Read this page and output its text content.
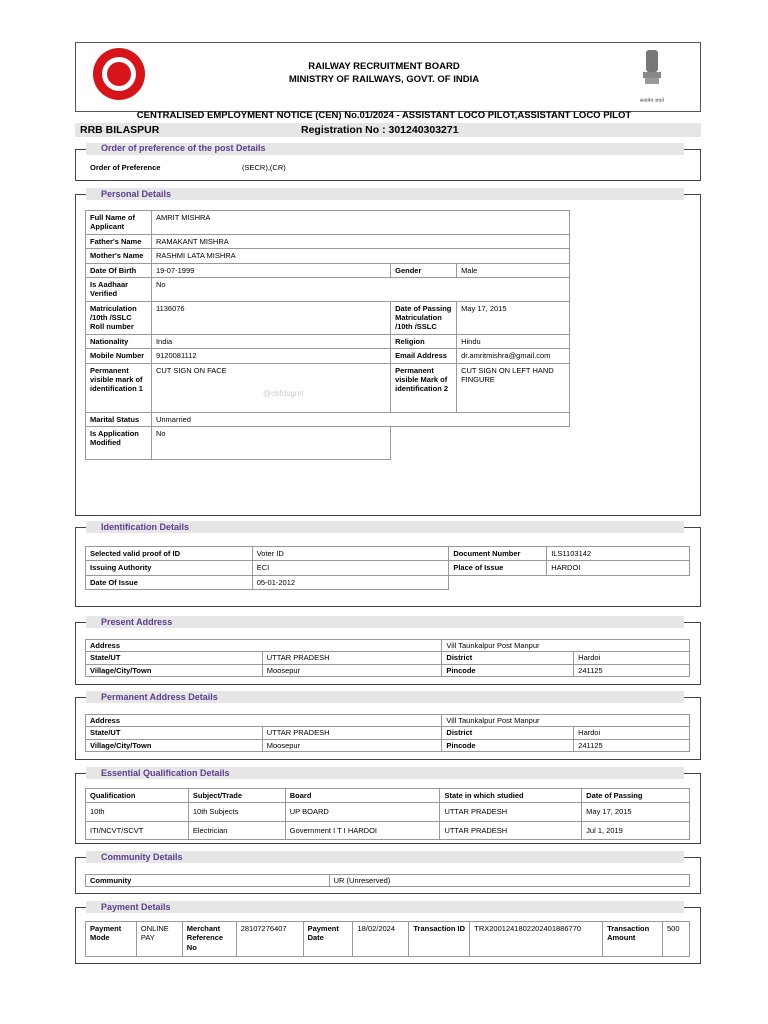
सत्यमेव जयते
RAILWAY RECRUITMENT BOARD
MINISTRY OF RAILWAYS, GOVT. OF INDIA
CENTRALISED EMPLOYMENT NOTICE (CEN) No.01/2024 - ASSISTANT LOCO PILOT,ASSISTANT LOCO PILOT
RRB BILASPUR	Registration No : 301240303271
Order of preference of the post Details
Order of Preference	(SECR),(CR)
Personal Details
Full Name of Applicant	AMRIT MISHRA		
Father's Name	RAMAKANT MISHRA		
Mother's Name	RASHMI LATA MISHRA		
Date Of Birth	19-07-1999	Gender	Male
Is Aadhaar Verified	No		
Matriculation /10th /SSLC Roll number	1136076	Date of Passing Matriculation /10th /SSLC	May 17, 2015
Nationality	India	Religion	Hindu
Mobile Number	9120081112	Email Address	dr.amritmishra@gmail.com
Permanent visible mark of identification 1	CUT SIGN ON FACE	Permanent visible Mark of identification 2	CUT SIGN ON LEFT HAND FINGURE
Marital Status	Unmarried		
Is Application Modified	No		
@cbfdsgnrl
Identification Details
Selected valid proof of ID	Voter ID	Document Number	ILS1103142
Issuing Authority	ECI	Place of Issue	HARDOI
Date Of Issue	05-01-2012		
Present Address
Address		Vill Taunkalpur Post Manpur	
State/UT	UTTAR PRADESH	District	Hardoi
Village/City/Town	Moosepur	Pincode	241125
Permanent Address Details
Address		Vill Taunkalpur Post Manpur	
State/UT	UTTAR PRADESH	District	Hardoi
Village/City/Town	Moosepur	Pincode	241125
Essential Qualification Details
Qualification	Subject/Trade	Board	State in which studied	Date of Passing
10th	10th Subjects	UP BOARD	UTTAR PRADESH	May 17, 2015
ITI/NCVT/SCVT	Electrician	Government I T I HARDOI	UTTAR PRADESH	Jul 1, 2019
Community Details
Community	UR (Unreserved)
Payment Details
Payment Mode	ONLINE PAY	Merchant Reference No	28107276407	Payment Date	18/02/2024	Transaction ID	TRX2001241802202401886770	Transaction Amount	500
